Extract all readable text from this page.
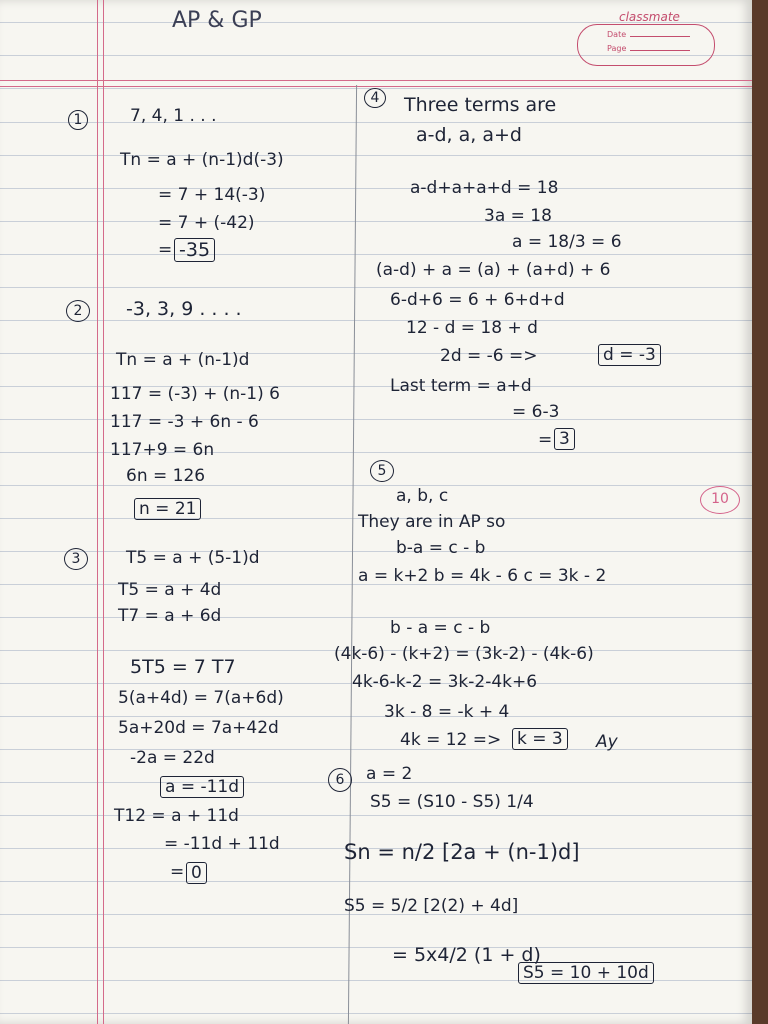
AP & GP	classmate
Date
Page
1	7, 4, 1 . . .
Tn = a + (n-1)d(-3)
= 7 + 14(-3)
= 7 + (-42)
= -35
2	-3, 3, 9 . . . .
Tn = a + (n-1)d
117 = (-3) + (n-1) 6
117 = -3 + 6n - 6
117+9 = 6n
6n = 126
n = 21
3	T5 = a + (5-1)d
T5 = a + 4d
T7 = a + 6d
5T5 = 7 T7
5(a+4d) = 7(a+6d)
5a+20d = 7a+42d
-2a = 22d
a = -11d
T12 = a + 11d
= -11d + 11d
= 0
4	Three terms are
a-d, a, a+d
a-d+a+a+d = 18
3a = 18
a = 18/3 = 6
(a-d) + a = (a) + (a+d) + 6
6-d+6 = 6 + 6+d+d
12 - d = 18 + d
2d = -6 =>	d = -3
Last term = a+d
= 6-3
= 3
5
a, b, c
They are in AP so
b-a = c - b
a = k+2 b = 4k - 6 c = 3k - 2
b - a = c - b
(4k-6) - (k+2) = (3k-2) - (4k-6)
4k-6-k-2 = 3k-2-4k+6
3k - 8 = -k + 4
4k = 12 => k = 3 Ay
10
6	a = 2
S5 = (S10 - S5) 1/4
Sn = n/2 [2a + (n-1)d]
S5 = 5/2 [2(2) + 4d]
= 5x4/2 (1 + d)
S5 = 10 + 10d
